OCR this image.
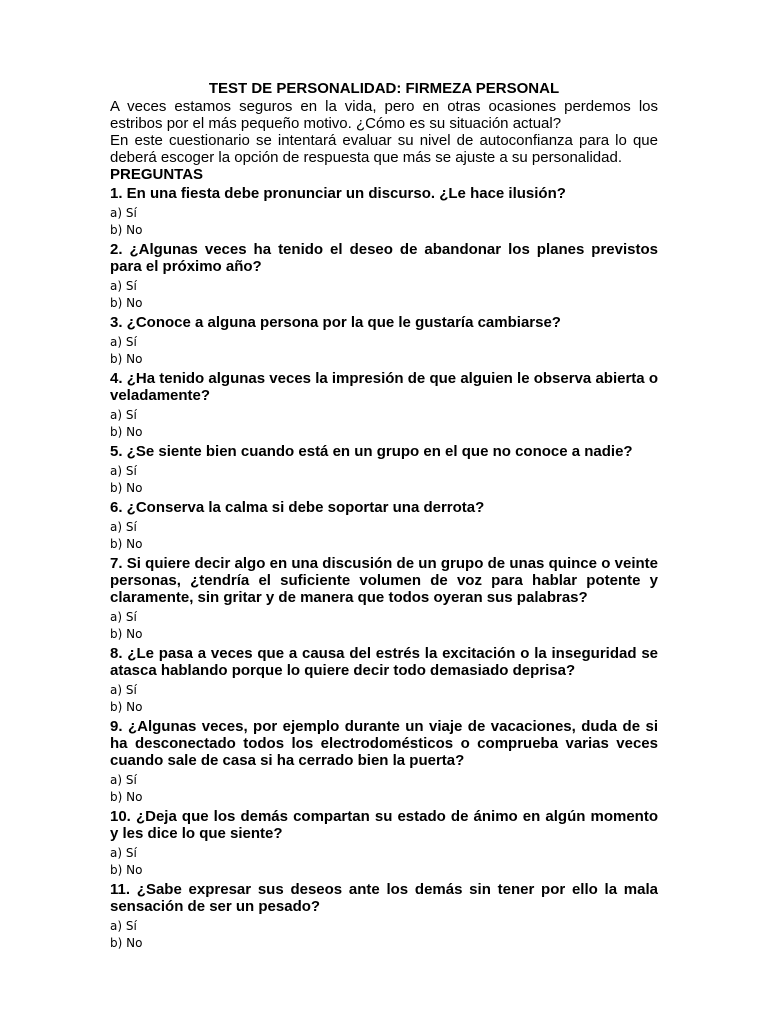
TEST DE PERSONALIDAD: FIRMEZA PERSONAL

A veces estamos seguros en la vida, pero en otras ocasiones perdemos los estribos por el más pequeño motivo. ¿Cómo es su situación actual?
En este cuestionario se intentará evaluar su nivel de autoconfianza para lo que deberá escoger la opción de respuesta que más se ajuste a su personalidad.

PREGUNTAS

1. En una fiesta debe pronunciar un discurso. ¿Le hace ilusión?

a) Sí

b) No

2. ¿Algunas veces ha tenido el deseo de abandonar los planes previstos para el próximo año?

a) Sí

b) No

3. ¿Conoce a alguna persona por la que le gustaría cambiarse?

a) Sí

b) No

4. ¿Ha tenido algunas veces la impresión de que alguien le observa abierta o veladamente?

a) Sí

b) No

5. ¿Se siente bien cuando está en un grupo en el que no conoce a nadie?

a) Sí

b) No

6. ¿Conserva la calma si debe soportar una derrota?

a) Sí

b) No

7. Si quiere decir algo en una discusión de un grupo de unas quince o veinte personas, ¿tendría el suficiente volumen de voz para hablar potente y claramente, sin gritar y de manera que todos oyeran sus palabras?

a) Sí

b) No

8. ¿Le pasa a veces que a causa del estrés la excitación o la inseguridad se atasca hablando porque lo quiere decir todo demasiado deprisa?

a) Sí

b) No

9. ¿Algunas veces, por ejemplo durante un viaje de vacaciones, duda de si ha desconectado todos los electrodomésticos o comprueba varias veces cuando sale de casa si ha cerrado bien la puerta?

a) Sí

b) No

10. ¿Deja que los demás compartan su estado de ánimo en algún momento y les dice lo que siente?

a) Sí

b) No

11. ¿Sabe expresar sus deseos ante los demás sin tener por ello la mala sensación de ser un pesado?

a) Sí

b) No
